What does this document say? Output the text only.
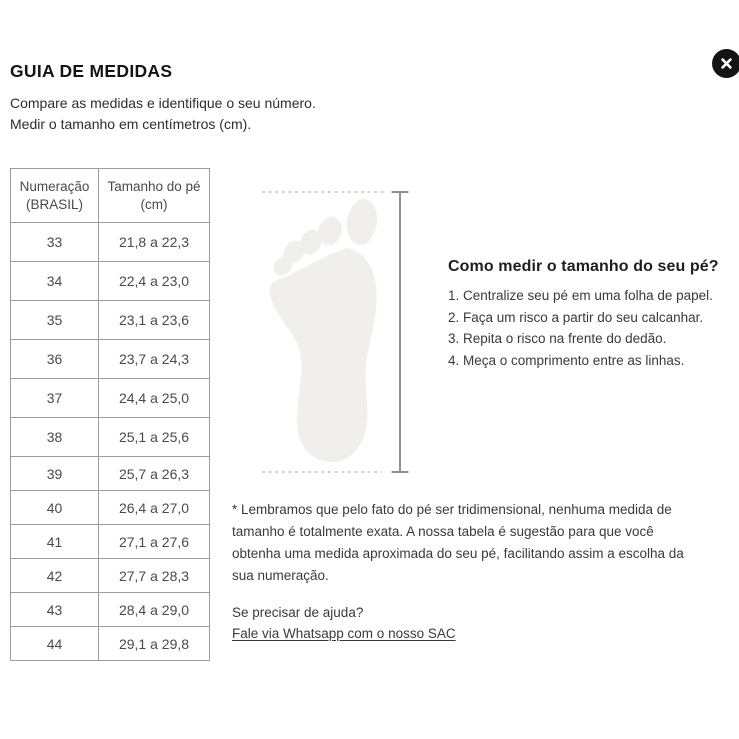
GUIA DE MEDIDAS
Compare as medidas e identifique o seu número.
Medir o tamanho em centímetros (cm).
Numeração (BRASIL)	Tamanho do pé (cm)
33	21,8 a 22,3
34	22,4 a 23,0
35	23,1 a 23,6
36	23,7 a 24,3
37	24,4 a 25,0
38	25,1 a 25,6
39	25,7 a 26,3
40	26,4 a 27,0
41	27,1 a 27,6
42	27,7 a 28,3
43	28,4 a 29,0
44	29,1 a 29,8
Como medir o tamanho do seu pé?
1. Centralize seu pé em uma folha de papel.
2. Faça um risco a partir do seu calcanhar.
3. Repita o risco na frente do dedão.
4. Meça o comprimento entre as linhas.

* Lembramos que pelo fato do pé ser tridimensional, nenhuma medida de tamanho é totalmente exata. A nossa tabela é sugestão para que você obtenha uma medida aproximada do seu pé, facilitando assim a escolha da sua numeração.

Se precisar de ajuda?
Fale via Whatsapp com o nosso SAC
